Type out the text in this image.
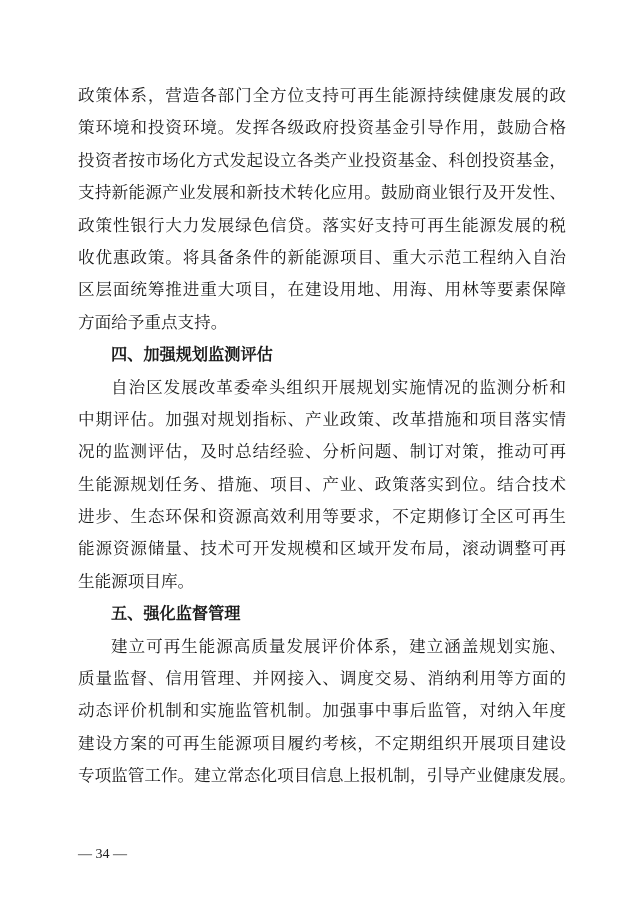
政策体系，营造各部门全方位支持可再生能源持续健康发展的政
策环境和投资环境。发挥各级政府投资基金引导作用，鼓励合格
投资者按市场化方式发起设立各类产业投资基金、科创投资基金，
支持新能源产业发展和新技术转化应用。鼓励商业银行及开发性、
政策性银行大力发展绿色信贷。落实好支持可再生能源发展的税
收优惠政策。将具备条件的新能源项目、重大示范工程纳入自治
区层面统筹推进重大项目，在建设用地、用海、用林等要素保障
方面给予重点支持。
四、加强规划监测评估
自治区发展改革委牵头组织开展规划实施情况的监测分析和
中期评估。加强对规划指标、产业政策、改革措施和项目落实情
况的监测评估，及时总结经验、分析问题、制订对策，推动可再
生能源规划任务、措施、项目、产业、政策落实到位。结合技术
进步、生态环保和资源高效利用等要求，不定期修订全区可再生
能源资源储量、技术可开发规模和区域开发布局，滚动调整可再
生能源项目库。
五、强化监督管理
建立可再生能源高质量发展评价体系，建立涵盖规划实施、
质量监督、信用管理、并网接入、调度交易、消纳利用等方面的
动态评价机制和实施监管机制。加强事中事后监管，对纳入年度
建设方案的可再生能源项目履约考核，不定期组织开展项目建设
专项监管工作。建立常态化项目信息上报机制，引导产业健康发展。
— 34 —
